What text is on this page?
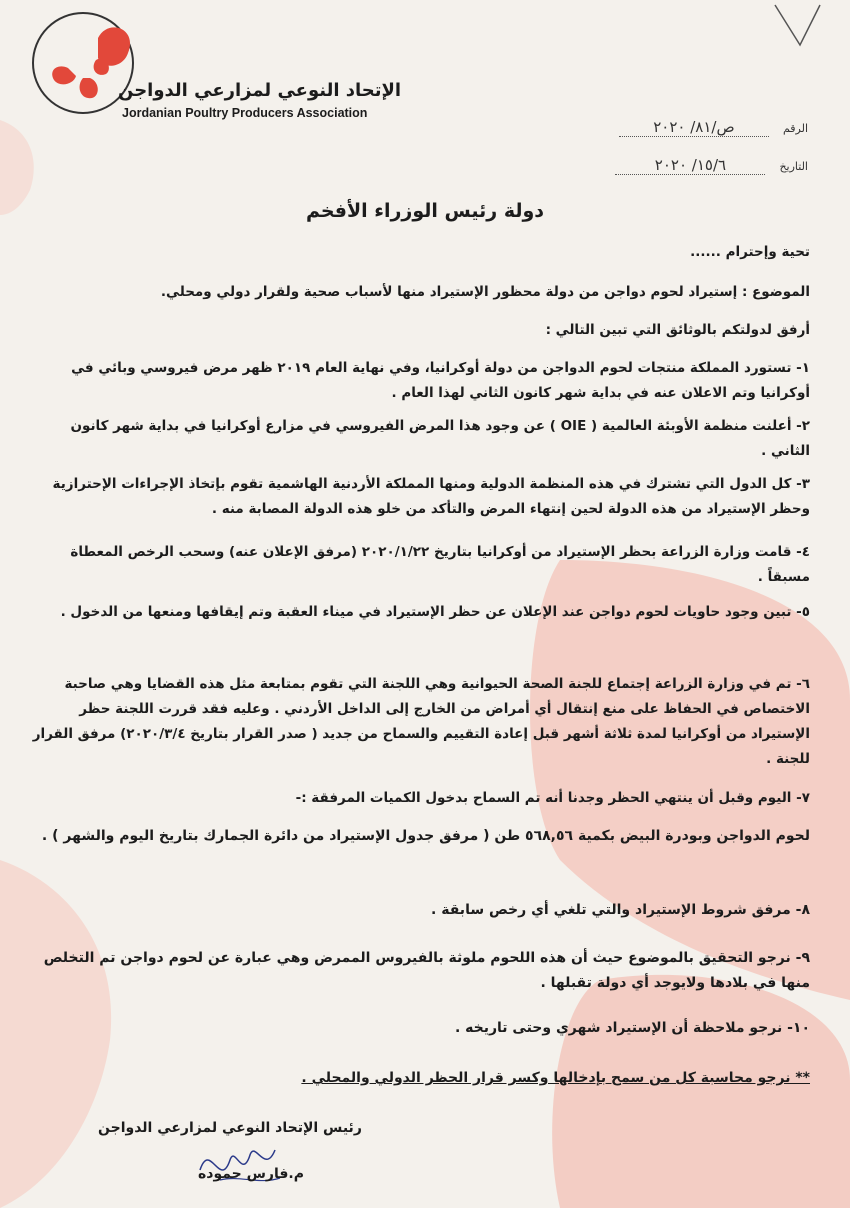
الإتحاد النوعي لمزارعي الدواجن
Jordanian Poultry Producers Association
الرقم
ص/٨١/ ٢٠٢٠
التاريخ
١٥/٦/ ٢٠٢٠
دولة رئيس الوزراء الأفخم
تحية وإحترام ......
الموضوع : إستيراد لحوم دواجن من دولة محظور الإستيراد منها لأسباب صحية ولقرار دولي ومحلي.
أرفق لدولتكم بالوثائق التي تبين التالي :
١- تستورد المملكة منتجات لحوم الدواجن من دولة أوكرانيا، وفي نهاية العام ٢٠١٩ ظهر مرض فيروسي وبائي في أوكرانيا وتم الاعلان عنه في بداية شهر كانون الثاني لهذا العام .
٢- أعلنت منظمة الأوبئة العالمية ( OIE ) عن وجود هذا المرض الفيروسي في مزارع أوكرانيا في بداية شهر كانون الثاني .
٣- كل الدول التي تشترك في هذه المنظمة الدولية ومنها المملكة الأردنية الهاشمية تقوم بإتخاذ الإجراءات الإحترازية وحظر الإستيراد من هذه الدولة لحين إنتهاء المرض والتأكد من خلو هذه الدولة المصابة منه .
٤- قامت وزارة الزراعة بحظر الإستيراد من أوكرانيا بتاريخ ٢٠٢٠/١/٢٢ (مرفق الإعلان عنه) وسحب الرخص المعطاة مسبقاً .
٥- تبين وجود حاويات لحوم دواجن عند الإعلان عن حظر الإستيراد في ميناء العقبة وتم إيقافها ومنعها من الدخول .
٦- تم في وزارة الزراعة إجتماع للجنة الصحة الحيوانية وهي اللجنة التي تقوم بمتابعة مثل هذه القضايا وهي صاحبة الاختصاص في الحفاظ على منع إنتقال أي أمراض من الخارج إلى الداخل الأردني . وعليه فقد قررت اللجنة حظر الإستيراد من أوكرانيا لمدة ثلاثة أشهر قبل إعادة التقييم والسماح من جديد ( صدر القرار بتاريخ ٢٠٢٠/٣/٤) مرفق القرار للجنة .
٧- اليوم وقبل أن ينتهي الحظر وجدنا أنه تم السماح بدخول الكميات المرفقة :-
لحوم الدواجن وبودرة البيض بكمية ٥٦٨,٥٦ طن ( مرفق جدول الإستيراد من دائرة الجمارك بتاريخ اليوم والشهر ) .
٨- مرفق شروط الإستيراد والتي تلغي أي رخص سابقة .
٩- نرجو التحقيق بالموضوع حيث أن هذه اللحوم ملوثة بالفيروس الممرض وهي عبارة عن لحوم دواجن تم التخلص منها في بلادها ولايوجد أي دولة تقبلها .
١٠- نرجو ملاحظة أن الإستيراد شهري وحتى تاريخه .
** نرجو محاسبة كل من سمح بإدخالها وكسر قرار الحظر الدولي والمحلي .
رئيس الإتحاد النوعي لمزارعي الدواجن
م.فارس حموده
